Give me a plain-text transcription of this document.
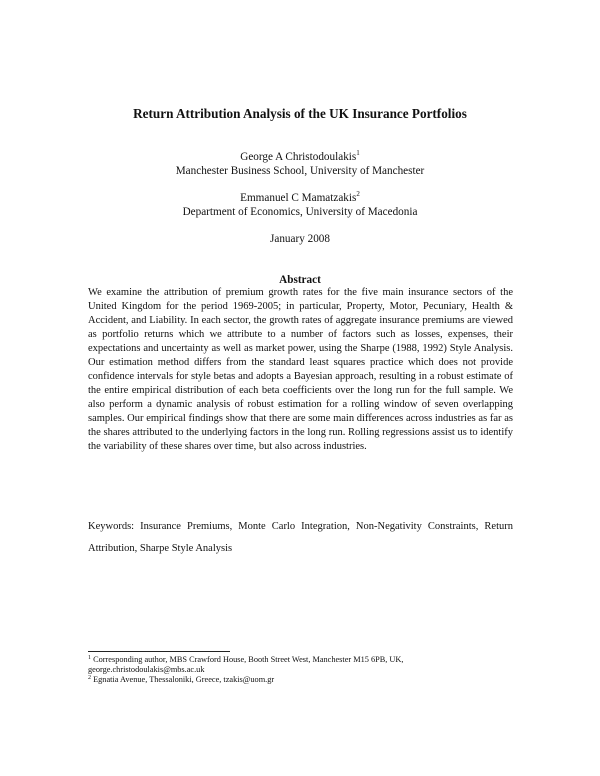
Return Attribution Analysis of the UK Insurance Portfolios
George A Christodoulakis$^1$
Manchester Business School, University of Manchester
Emmanuel C Mamatzakis$^2$
Department of Economics, University of Macedonia
January 2008
Abstract
We examine the attribution of premium growth rates for the five main insurance sectors of the United Kingdom for the period 1969-2005; in particular, Property, Motor, Pecuniary, Health & Accident, and Liability. In each sector, the growth rates of aggregate insurance premiums are viewed as portfolio returns which we attribute to a number of factors such as losses, expenses, their expectations and uncertainty as well as market power, using the Sharpe (1988, 1992) Style Analysis. Our estimation method differs from the standard least squares practice which does not provide confidence intervals for style betas and adopts a Bayesian approach, resulting in a robust estimate of the entire empirical distribution of each beta coefficients over the long run for the full sample. We also perform a dynamic analysis of robust estimation for a rolling window of seven overlapping samples. Our empirical findings show that there are some main differences across industries as far as the shares attributed to the underlying factors in the long run. Rolling regressions assist us to identify the variability of these shares over time, but also across industries.
Keywords: Insurance Premiums, Monte Carlo Integration, Non-Negativity Constraints, Return Attribution, Sharpe Style Analysis
$^1$ Corresponding author, MBS Crawford House, Booth Street West, Manchester M15 6PB, UK, george.christodoulakis@mbs.ac.uk
$^2$ Egnatia Avenue, Thessaloniki, Greece, tzakis@uom.gr
